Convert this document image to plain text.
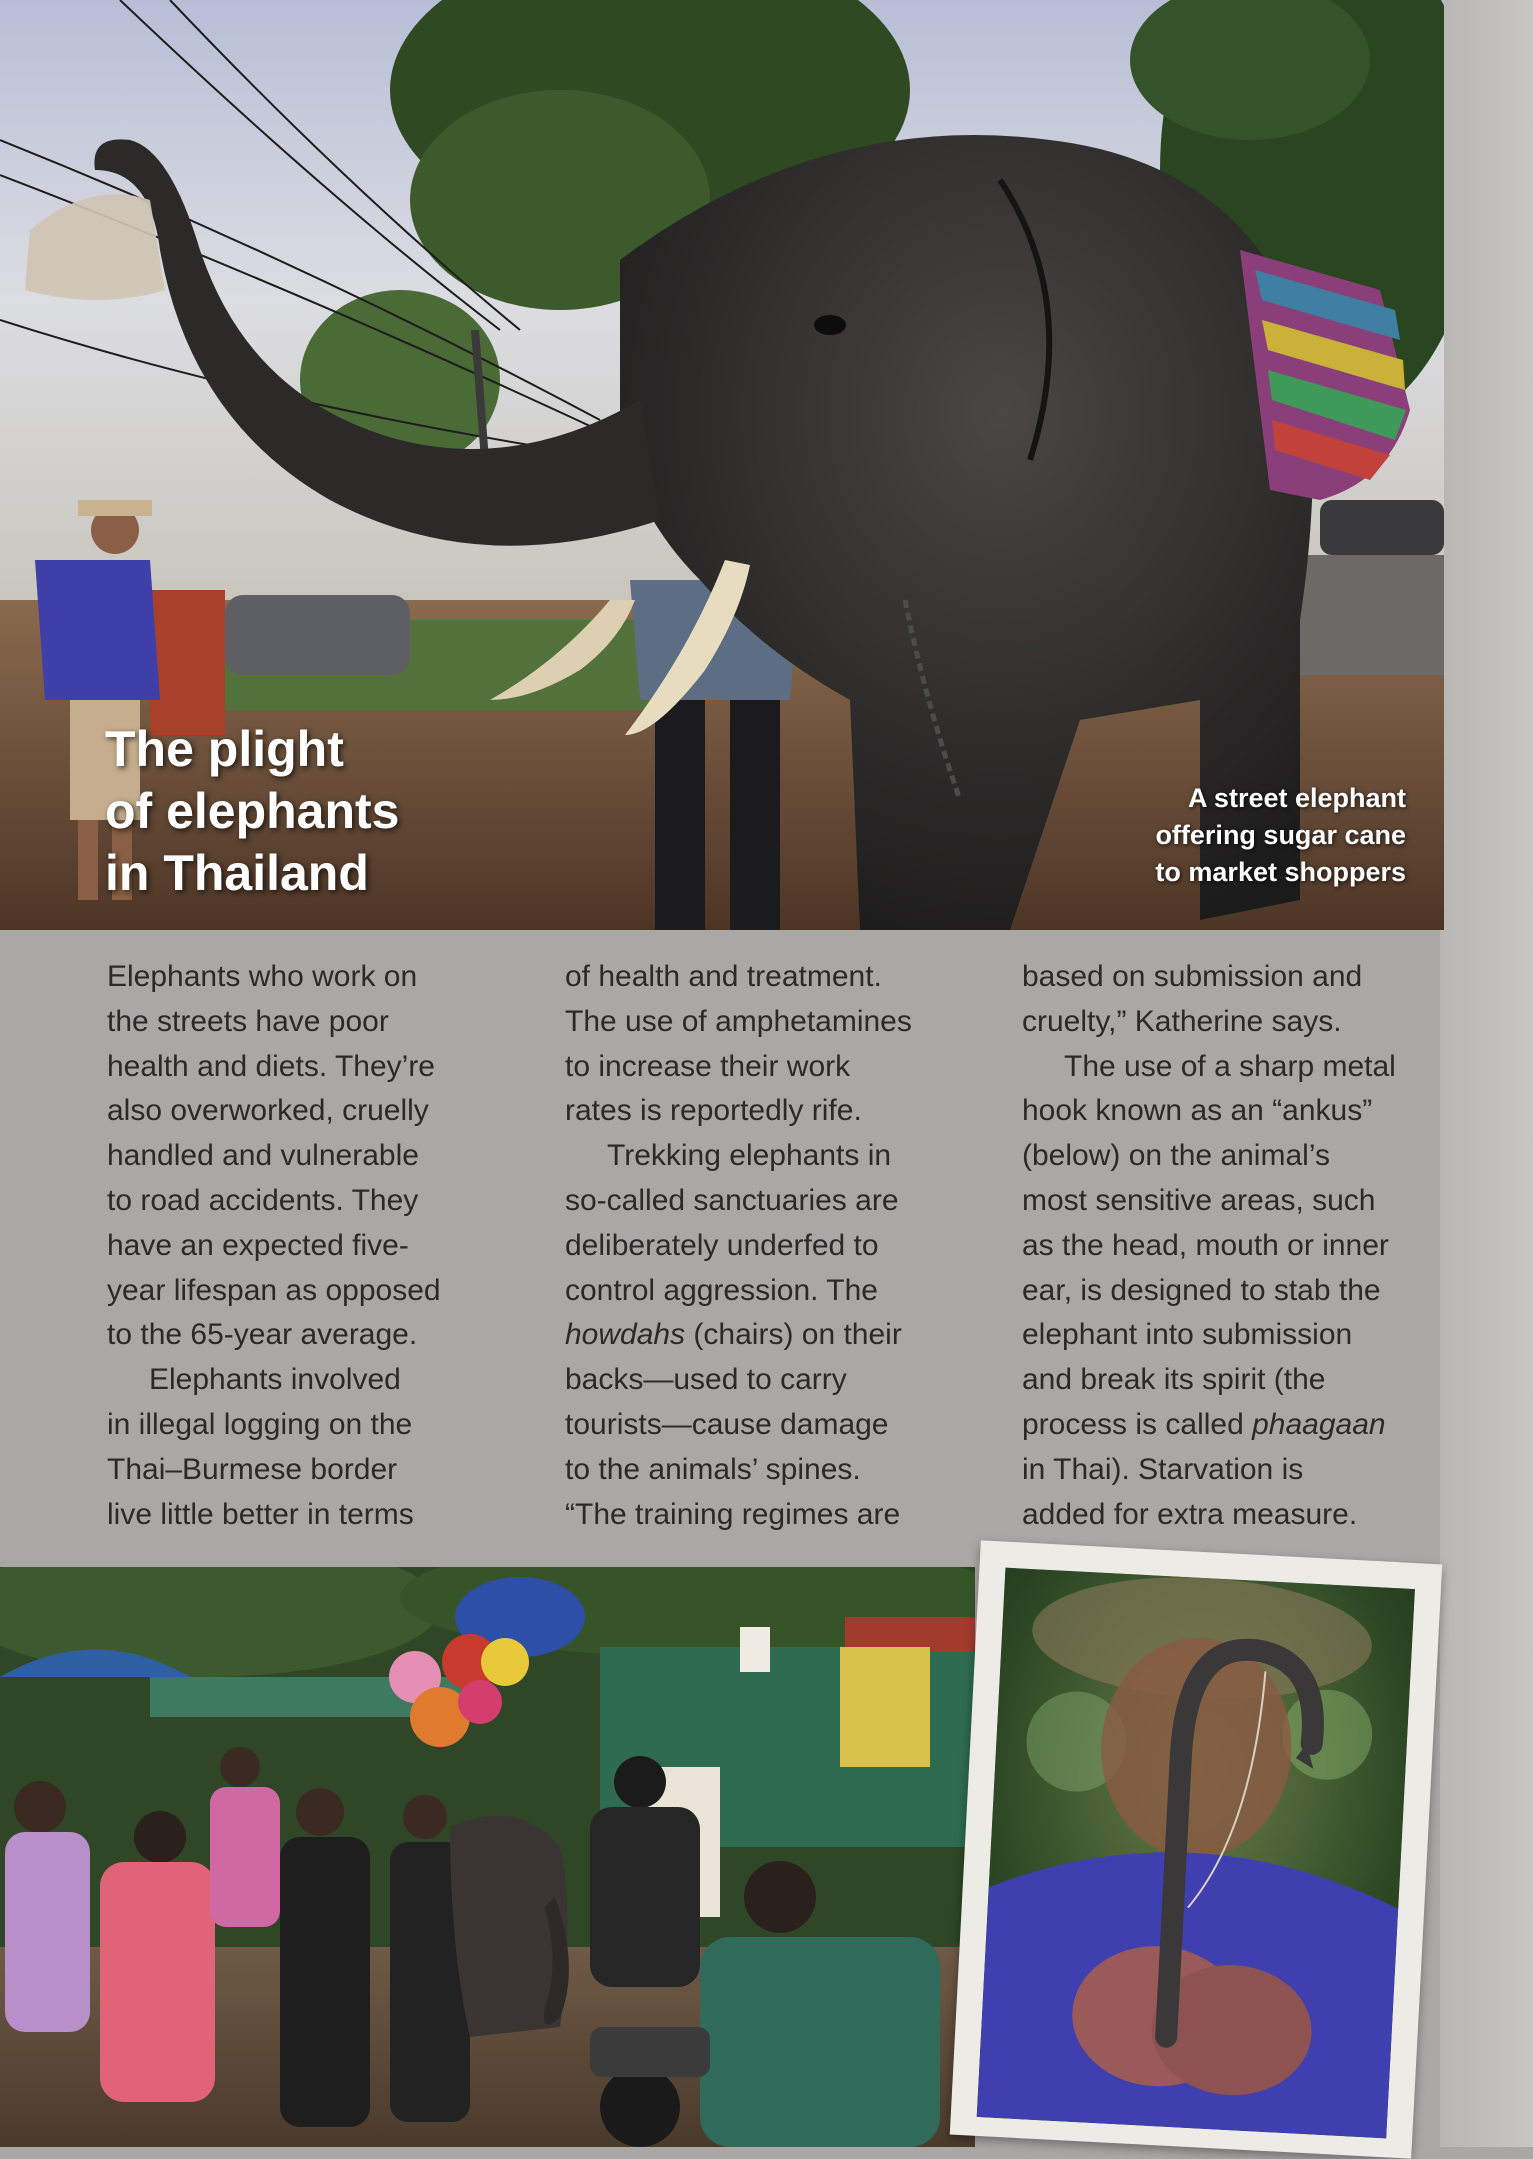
The plight
of elephants
in Thailand
A street elephant
offering sugar cane
to market shoppers

Elephants who work on
the streets have poor
health and diets. They’re
also overworked, cruelly
handled and vulnerable
to road accidents. They
have an expected five-
year lifespan as opposed
to the 65-year average.

Elephants involved
in illegal logging on the
Thai–Burmese border
live little better in terms

of health and treatment.
The use of amphetamines
to increase their work
rates is reportedly rife.

Trekking elephants in
so-called sanctuaries are
deliberately underfed to
control aggression. The
howdahs (chairs) on their
backs—used to carry
tourists—cause damage
to the animals’ spines.
“The training regimes are

based on submission and
cruelty,” Katherine says.

The use of a sharp metal
hook known as an “ankus”
(below) on the animal’s
most sensitive areas, such
as the head, mouth or inner
ear, is designed to stab the
elephant into submission
and break its spirit (the
process is called phaagaan
in Thai). Starvation is
added for extra measure.
